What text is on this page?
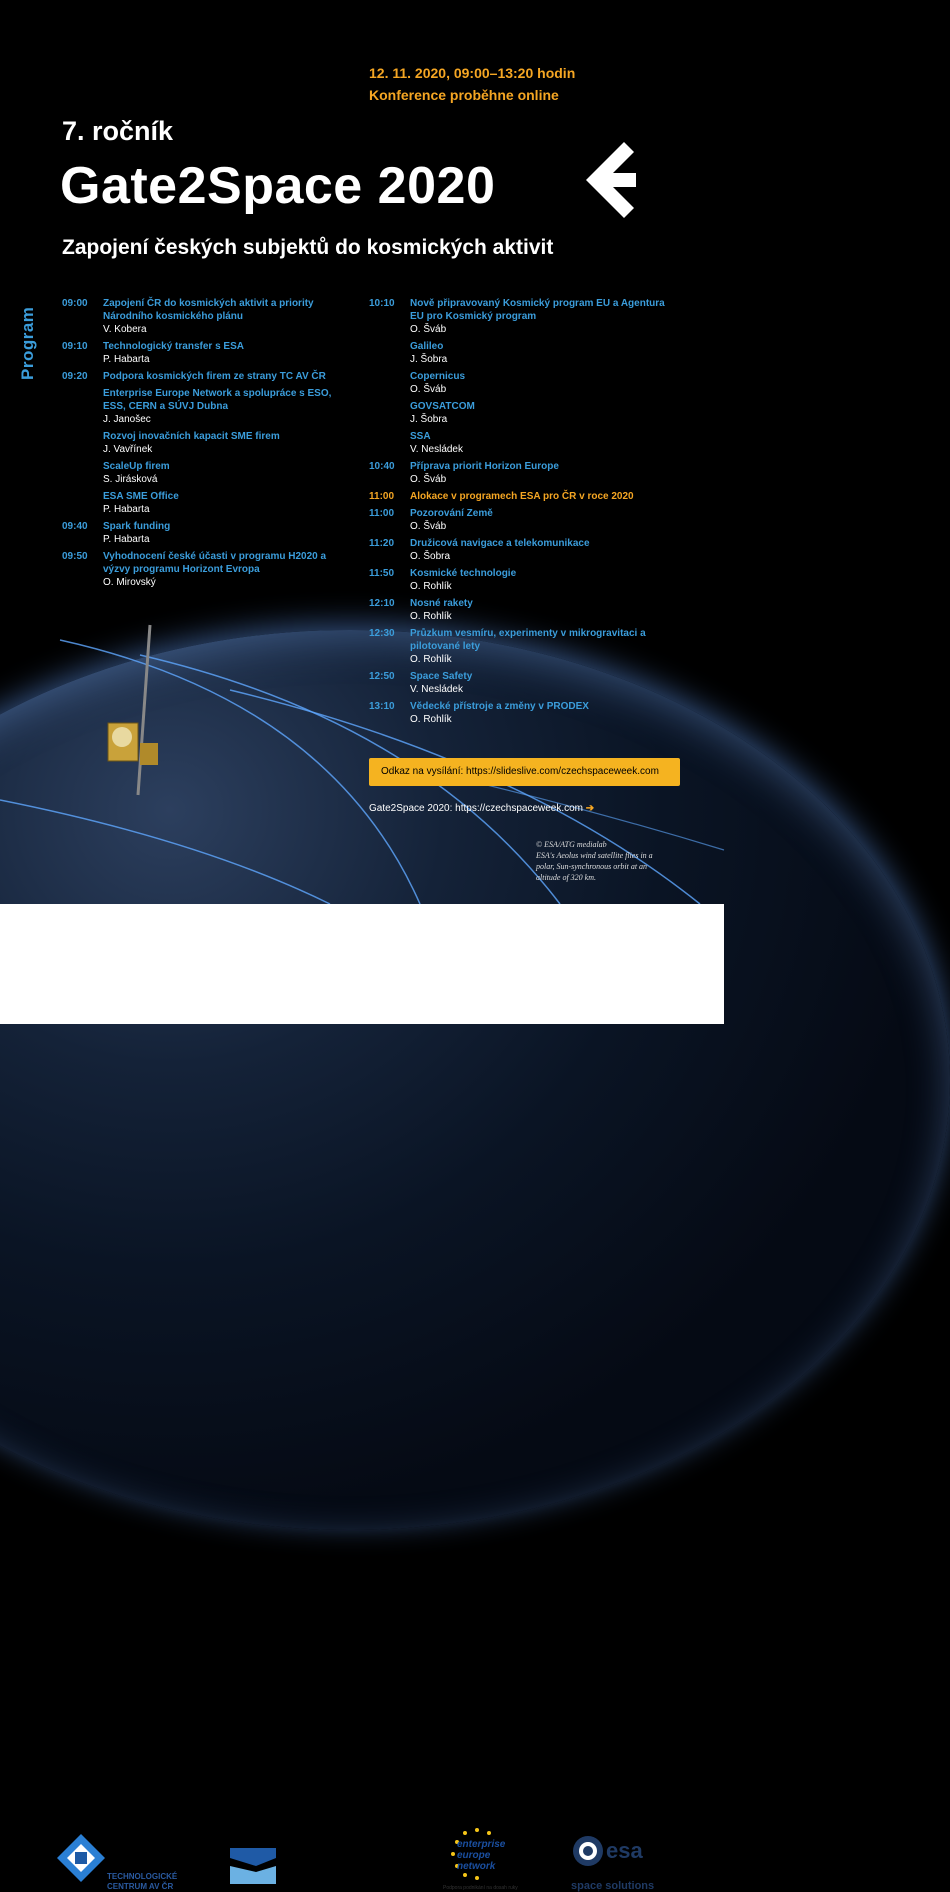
12. 11. 2020, 09:00–13:20 hodin
Konference proběhne online
7. ročník
Gate2Space 2020
Zapojení českých subjektů do kosmických aktivit
Program
09:00 Zapojení ČR do kosmických aktivit a priority Národního kosmického plánu
V. Kobera
09:10 Technologický transfer s ESA
P. Habarta
09:20 Podpora kosmických firem ze strany TC AV ČR
Enterprise Europe Network a spolupráce s ESO, ESS, CERN a SÚVJ Dubna
J. Janošec
Rozvoj inovačních kapacit SME firem
J. Vavřínek
ScaleUp firem
S. Jirásková
ESA SME Office
P. Habarta
09:40 Spark funding
P. Habarta
09:50 Vyhodnocení české účasti v programu H2020 a výzvy programu Horizont Evropa
O. Mirovský
10:10 Nově připravovaný Kosmický program EU a Agentura EU pro Kosmický program
O. Šváb
Galileo
J. Šobra
Copernicus
O. Šváb
GOVSATCOM
J. Šobra
SSA
V. Nesládek
10:40 Příprava priorit Horizon Europe
O. Šváb
11:00 Alokace v programech ESA pro ČR v roce 2020
11:00 Pozorování Země
O. Šváb
11:20 Družicová navigace a telekomunikace
O. Šobra
11:50 Kosmické technologie
O. Rohlík
12:10 Nosné rakety
O. Rohlík
12:30 Průzkum vesmíru, experimenty v mikrogravitaci a pilotované lety
O. Rohlík
12:50 Space Safety
V. Nesládek
13:10 Vědecké přístroje a změny v PRODEX
O. Rohlík
Odkaz na vysílání: https://slideslive.com/czechspaceweek.com
Gate2Space 2020: https://czechspaceweek.com ➔
© ESA/ATG medialab
ESA's Aeolus wind satellite flies in a polar, Sun-synchronous orbit at an altitude of 320 km.
TECHNOLOGICKÉ
CENTRUM AV ČR
Ministerstvo dopravy
enterprise
europe
network
Podpora podnikání na dosah ruky
esa
space solutions
